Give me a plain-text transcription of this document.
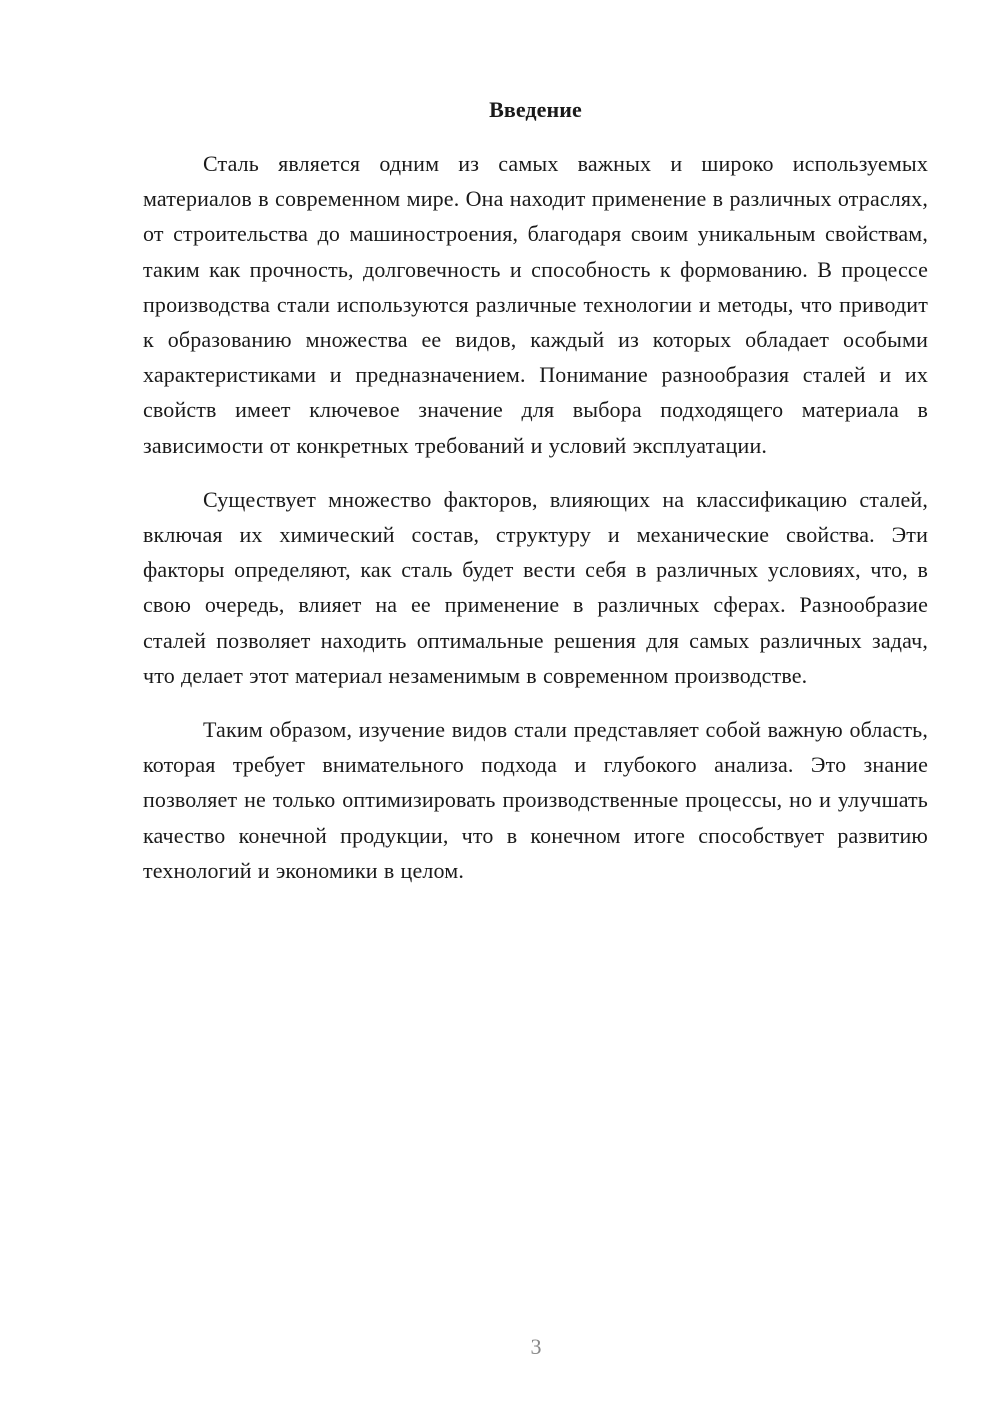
Введение

Сталь является одним из самых важных и широко используемых материалов в современном мире. Она находит применение в различных отраслях, от строительства до машиностроения, благодаря своим уникальным свойствам, таким как прочность, долговечность и способность к формованию. В процессе производства стали используются различные технологии и методы, что приводит к образованию множества ее видов, каждый из которых обладает особыми характеристиками и предназначением. Понимание разнообразия сталей и их свойств имеет ключевое значение для выбора подходящего материала в зависимости от конкретных требований и условий эксплуатации.

Существует множество факторов, влияющих на классификацию сталей, включая их химический состав, структуру и механические свойства. Эти факторы определяют, как сталь будет вести себя в различных условиях, что, в свою очередь, влияет на ее применение в различных сферах. Разнообразие сталей позволяет находить оптимальные решения для самых различных задач, что делает этот материал незаменимым в современном производстве.

Таким образом, изучение видов стали представляет собой важную область, которая требует внимательного подхода и глубокого анализа. Это знание позволяет не только оптимизировать производственные процессы, но и улучшать качество конечной продукции, что в конечном итоге способствует развитию технологий и экономики в целом.

3
